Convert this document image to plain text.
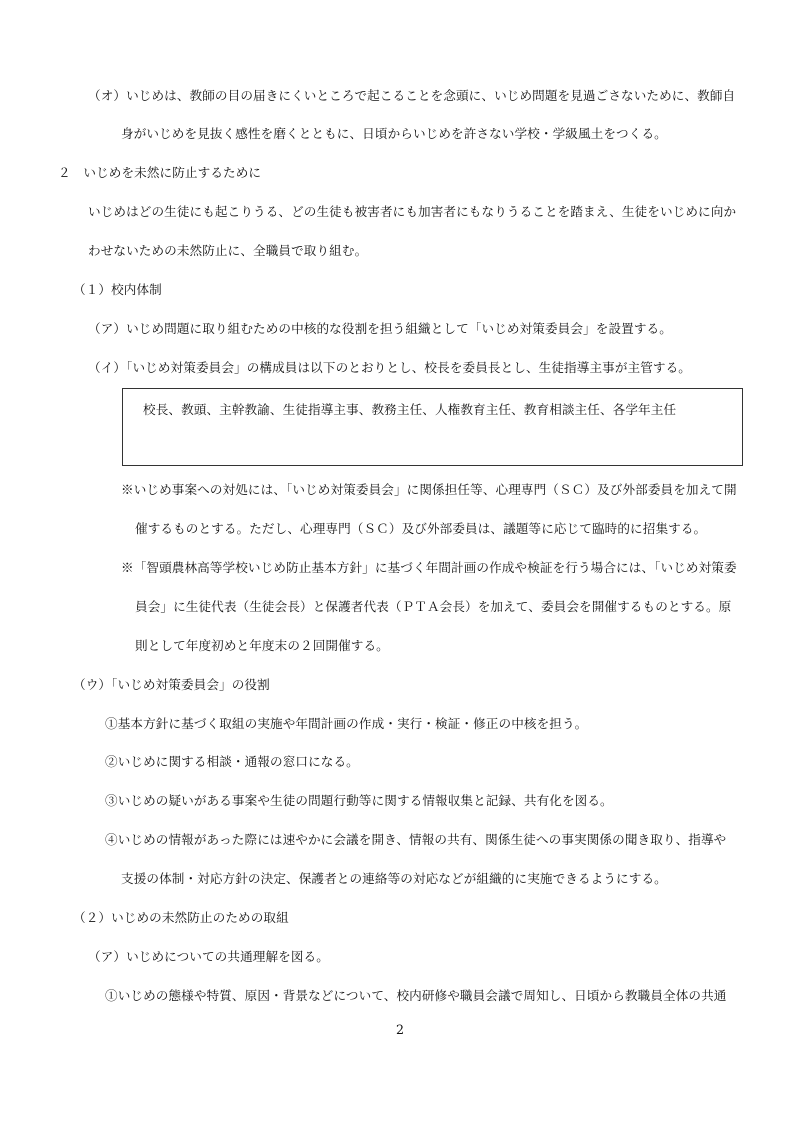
（オ）いじめは、教師の目の届きにくいところで起こることを念頭に、いじめ問題を見過ごさないために、教師自
身がいじめを見抜く感性を磨くとともに、日頃からいじめを許さない学校・学級風土をつくる。
２　いじめを未然に防止するために
いじめはどの生徒にも起こりうる、どの生徒も被害者にも加害者にもなりうることを踏まえ、生徒をいじめに向か
わせないための未然防止に、全職員で取り組む。
（１）校内体制
（ア）いじめ問題に取り組むための中核的な役割を担う組織として「いじめ対策委員会」を設置する。
（イ）「いじめ対策委員会」の構成員は以下のとおりとし、校長を委員長とし、生徒指導主事が主管する。
校長、教頭、主幹教諭、生徒指導主事、教務主任、人権教育主任、教育相談主任、各学年主任
※いじめ事案への対処には、「いじめ対策委員会」に関係担任等、心理専門（ＳＣ）及び外部委員を加えて開
催するものとする。ただし、心理専門（ＳＣ）及び外部委員は、議題等に応じて臨時的に招集する。
※「智頭農林高等学校いじめ防止基本方針」に基づく年間計画の作成や検証を行う場合には、「いじめ対策委
員会」に生徒代表（生徒会長）と保護者代表（ＰＴＡ会長）を加えて、委員会を開催するものとする。原
則として年度初めと年度末の２回開催する。
（ウ）「いじめ対策委員会」の役割
①基本方針に基づく取組の実施や年間計画の作成・実行・検証・修正の中核を担う。
②いじめに関する相談・通報の窓口になる。
③いじめの疑いがある事案や生徒の問題行動等に関する情報収集と記録、共有化を図る。
④いじめの情報があった際には速やかに会議を開き、情報の共有、関係生徒への事実関係の聞き取り、指導や
支援の体制・対応方針の決定、保護者との連絡等の対応などが組織的に実施できるようにする。
（２）いじめの未然防止のための取組
（ア）いじめについての共通理解を図る。
①いじめの態様や特質、原因・背景などについて、校内研修や職員会議で周知し、日頃から教職員全体の共通
2
